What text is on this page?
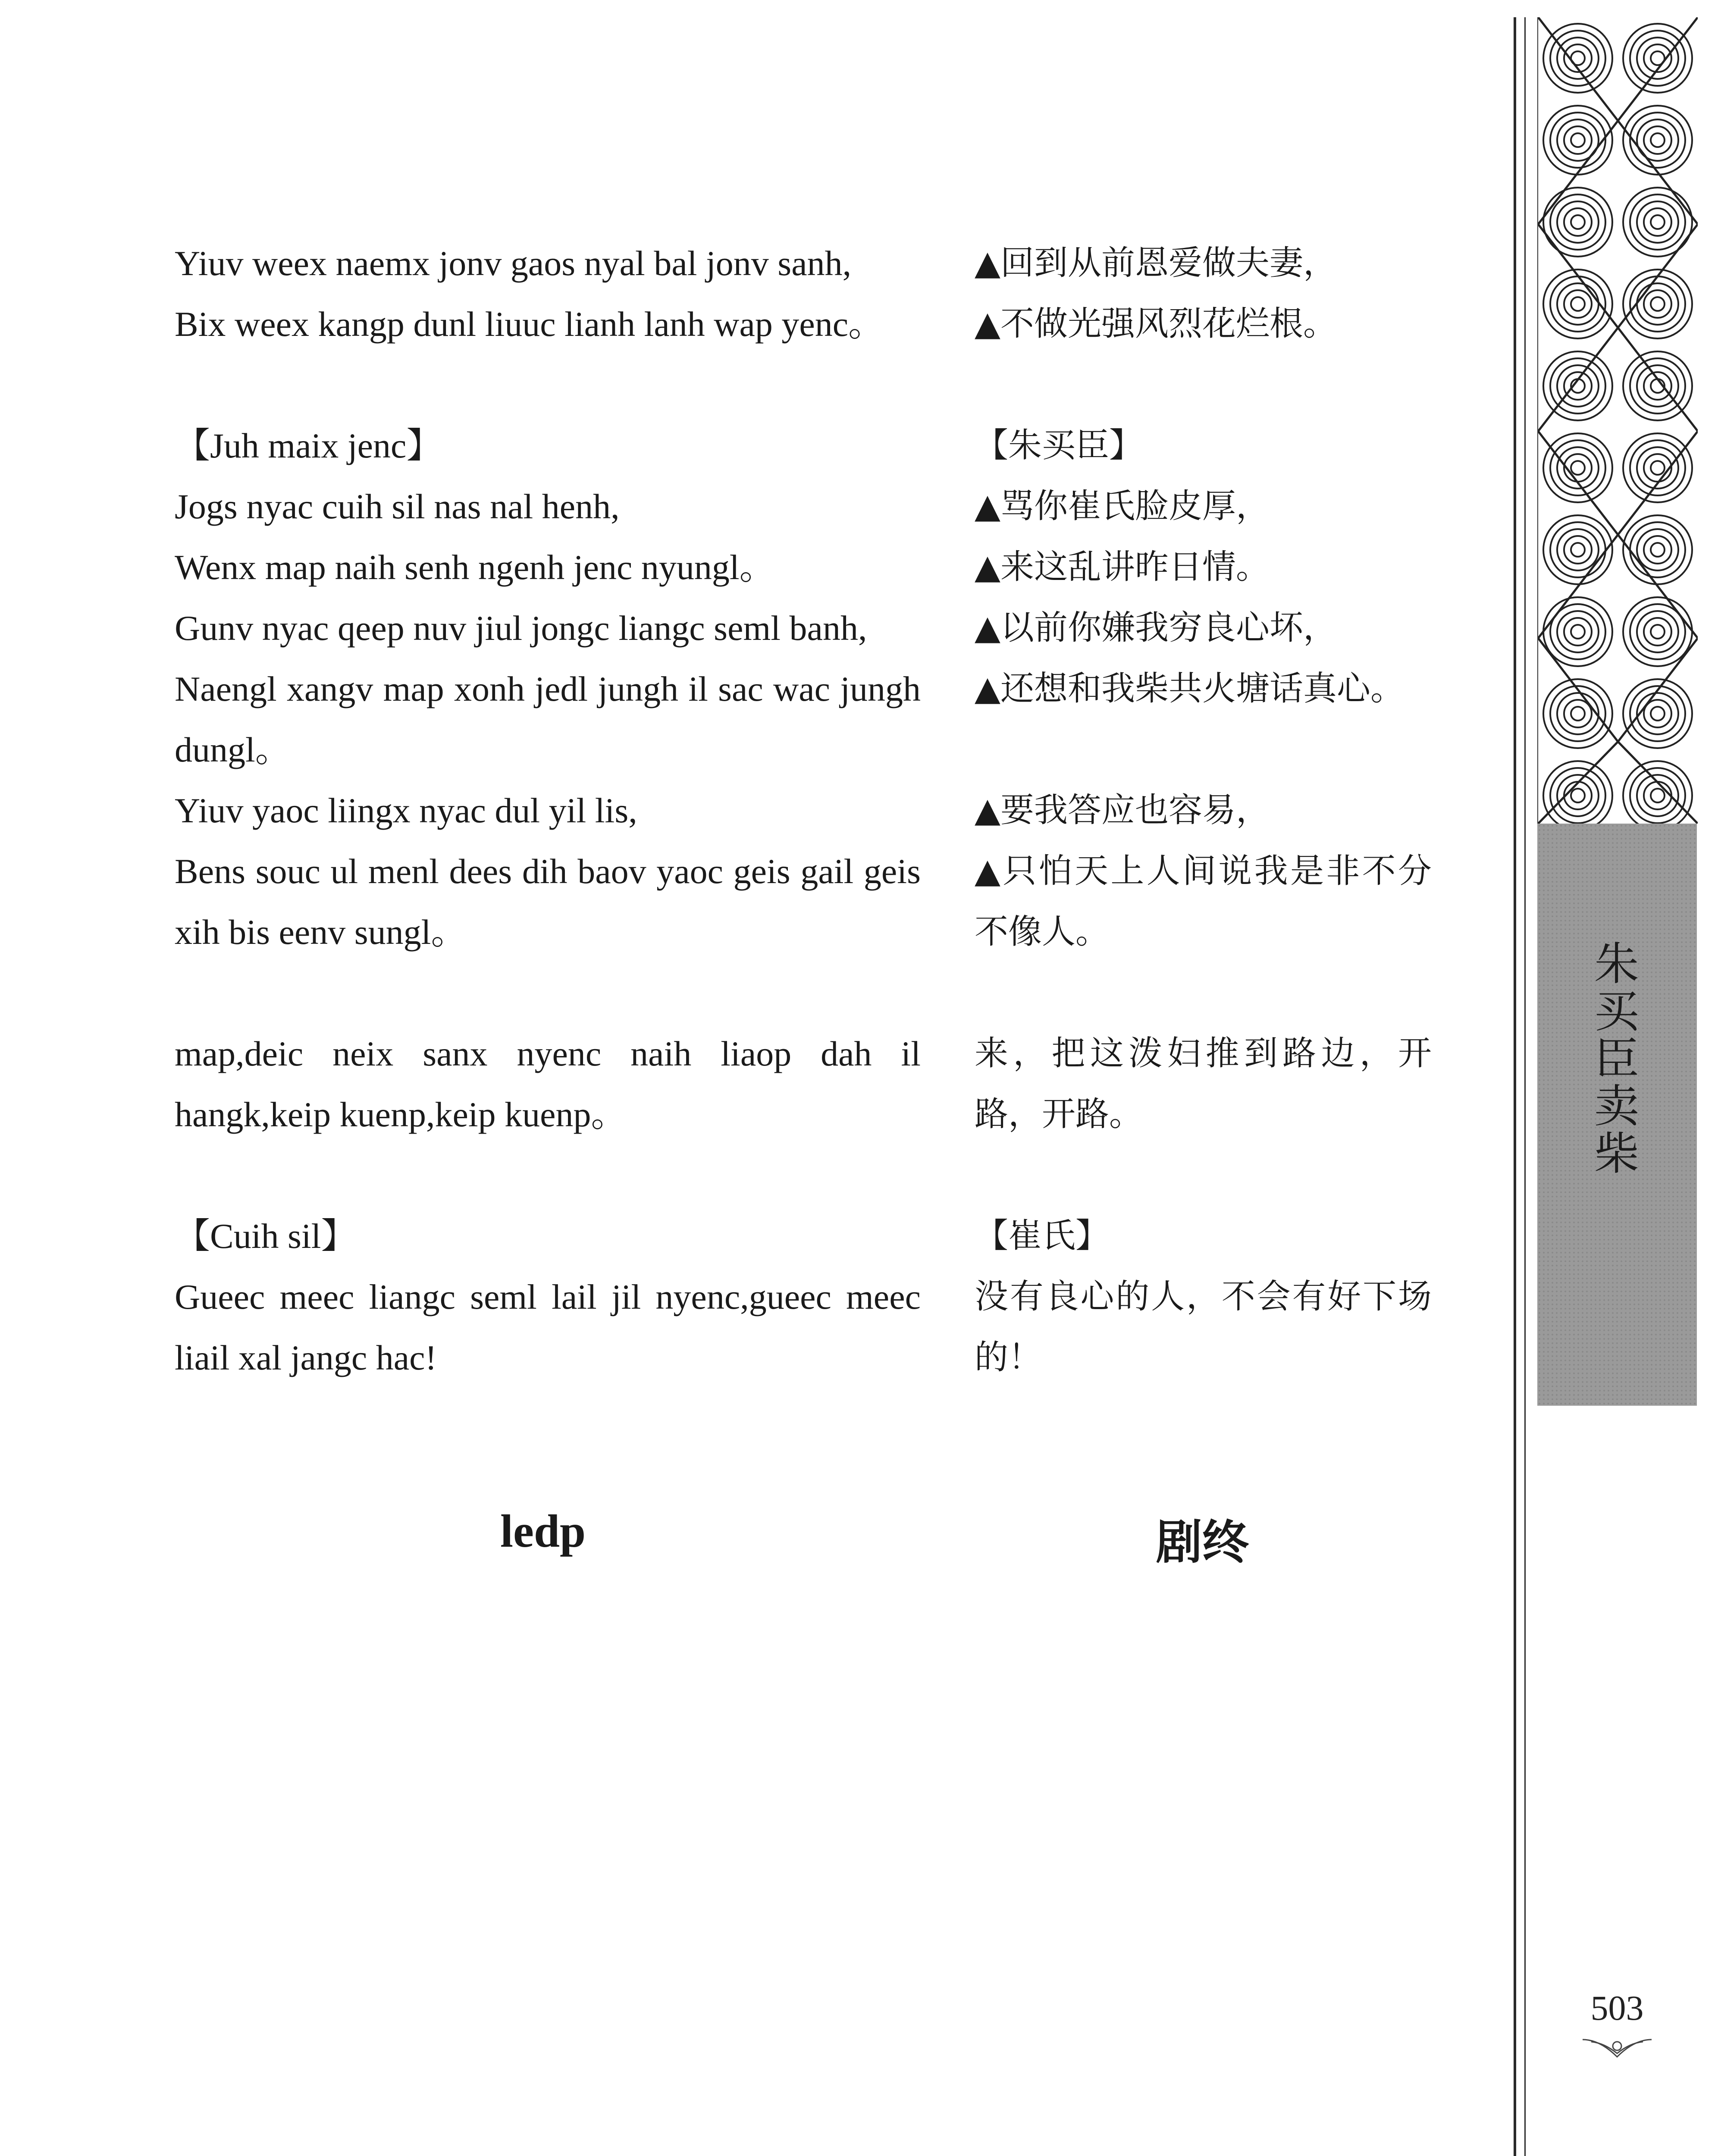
Yiuv weex naemx jonv gaos nyal bal jonv sanh,
Bix weex kangp dunl liuuc lianh lanh wap yenc。
【Juh maix jenc】
Jogs nyac cuih sil nas nal henh,
Wenx map naih senh ngenh jenc nyungl。
Gunv nyac qeep nuv jiul jongc liangc seml banh,
Naengl xangv map xonh jedl jungh il sac wac jungh dungl。
Yiuv yaoc liingx nyac dul yil lis,
Bens souc ul menl dees dih baov yaoc geis gail geis xih bis eenv sungl。
map,deic neix sanx nyenc naih liaop dah il hangk,keip kuenp,keip kuenp。
【Cuih sil】
Gueec meec liangc seml lail jil nyenc,gueec meec liail xal jangc hac!
▲回到从前恩爱做夫妻，
▲不做光强风烈花烂根。
【朱买臣】
▲骂你崔氏脸皮厚，
▲来这乱讲昨日情。
▲以前你嫌我穷良心坏，
▲还想和我柴共火塘话真心。
▲要我答应也容易，
▲只怕天上人间说我是非不分不像人。
来，把这泼妇推到路边，开路，开路。
【崔氏】
没有良心的人，不会有好下场的！
ledp	剧终
朱买臣卖柴
503
